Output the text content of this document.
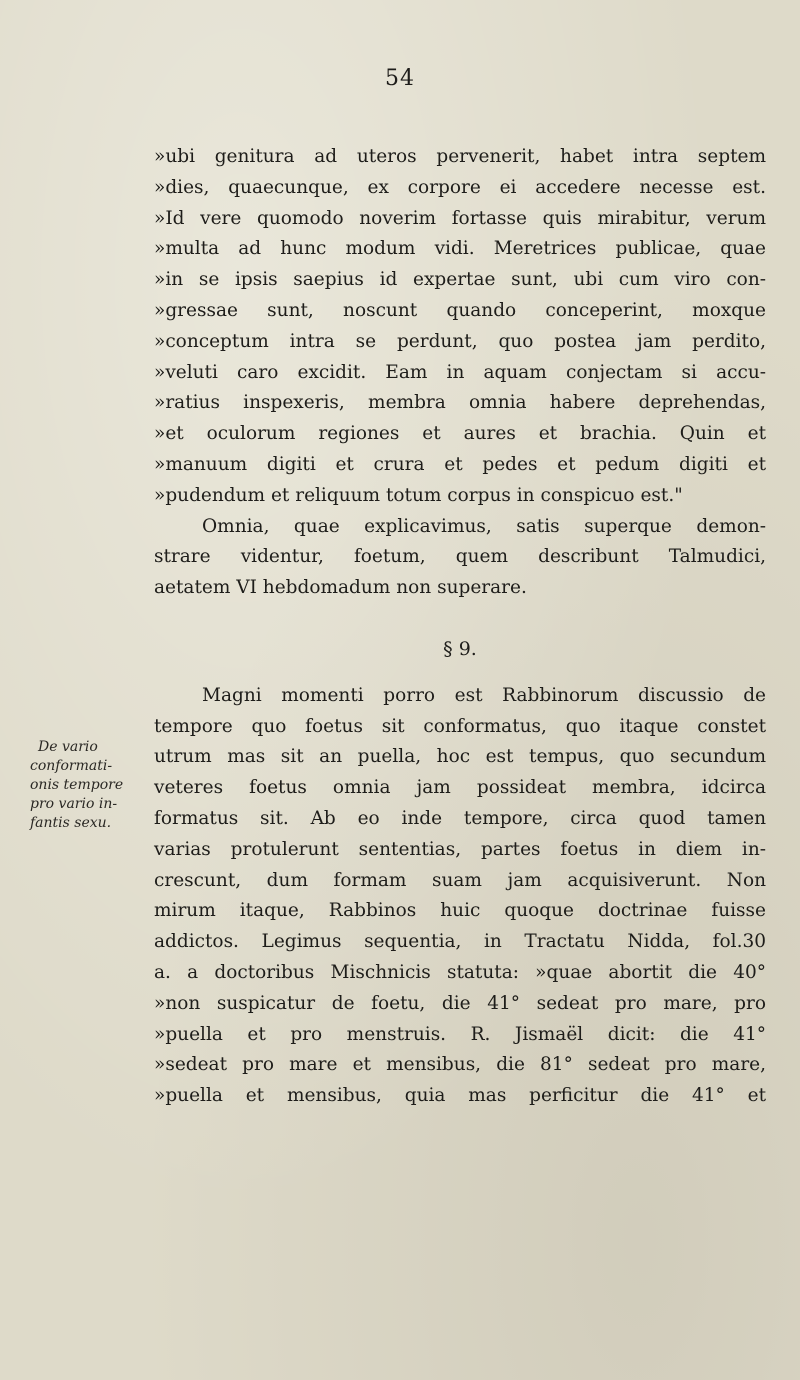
54
De vario
conformati-
onis tempore
pro vario in-
fantis sexu.
»ubi genitura ad uteros pervenerit, habet intra septem
»dies, quaecunque, ex corpore ei accedere necesse est.
»Id vere quomodo noverim fortasse quis mirabitur, verum
»multa ad hunc modum vidi. Meretrices publicae, quae
»in se ipsis saepius id expertae sunt, ubi cum viro con-
»gressae sunt, noscunt quando conceperint, moxque
»conceptum intra se perdunt, quo postea jam perdito,
»veluti caro excidit. Eam in aquam conjectam si accu-
»ratius inspexeris, membra omnia habere deprehendas,
»et oculorum regiones et aures et brachia. Quin et
»manuum digiti et crura et pedes et pedum digiti et
»pudendum et reliquum totum corpus in conspicuo est."
Omnia, quae explicavimus, satis superque demon-
strare videntur, foetum, quem describunt Talmudici,
aetatem VI hebdomadum non superare.
§ 9.
Magni momenti porro est Rabbinorum discussio de
tempore quo foetus sit conformatus, quo itaque constet
utrum mas sit an puella, hoc est tempus, quo secundum
veteres foetus omnia jam possideat membra, idcirca
formatus sit. Ab eo inde tempore, circa quod tamen
varias protulerunt sententias, partes foetus in diem in-
crescunt, dum formam suam jam acquisiverunt. Non
mirum itaque, Rabbinos huic quoque doctrinae fuisse
addictos. Legimus sequentia, in Tractatu Nidda, fol.30
a. a doctoribus Mischnicis statuta: »quae abortit die 40°
»non suspicatur de foetu, die 41° sedeat pro mare, pro
»puella et pro menstruis. R. Jismaël dicit: die 41°
»sedeat pro mare et mensibus, die 81° sedeat pro mare,
»puella et mensibus, quia mas perficitur die 41° et
